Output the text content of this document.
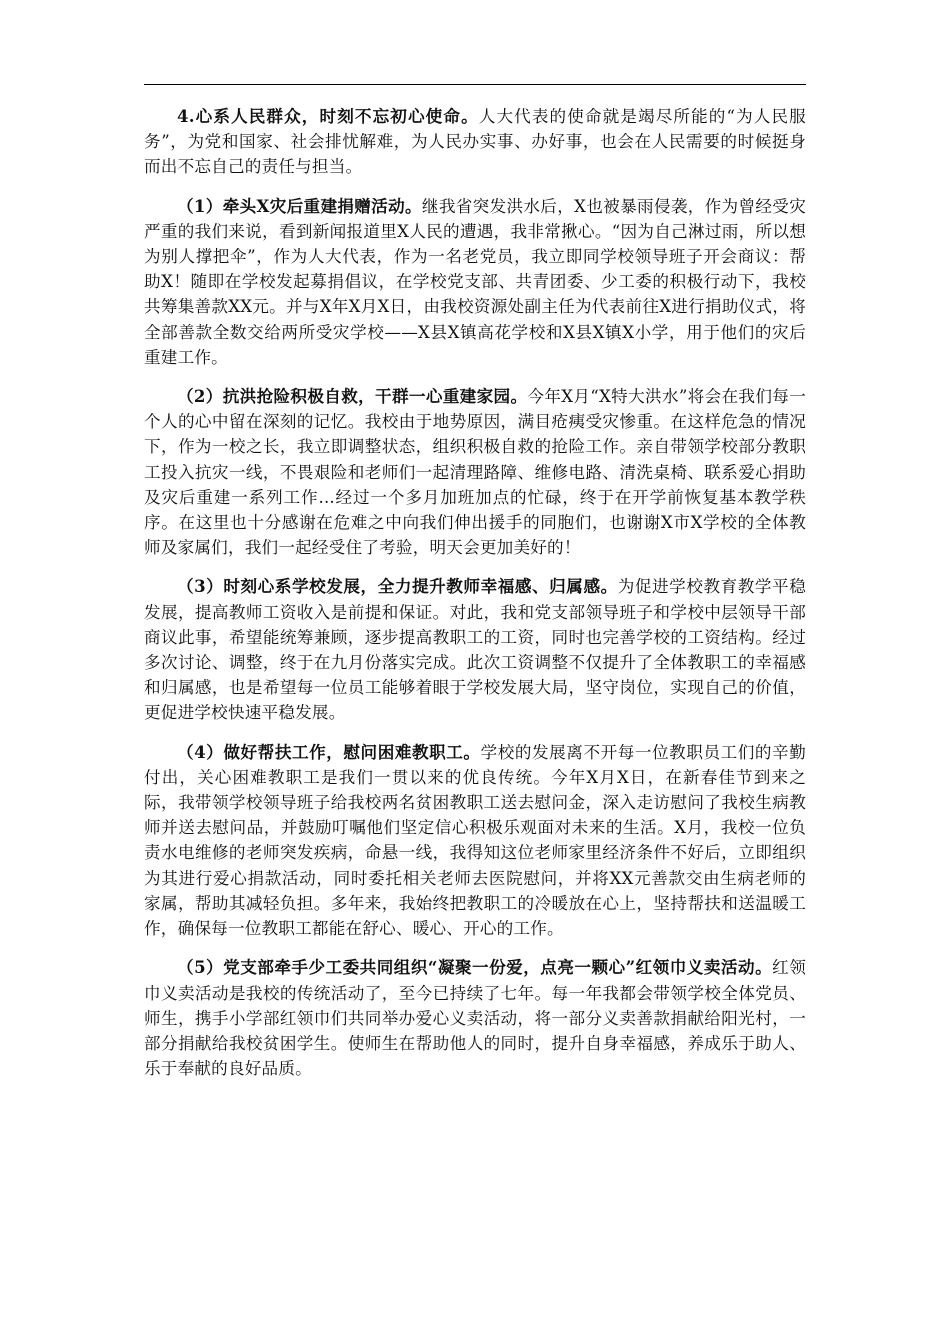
4.心系人民群众，时刻不忘初心使命。人大代表的使命就是竭尽所能的“为人民服务”，为党和国家、社会排忧解难，为人民办实事、办好事，也会在人民需要的时候挺身而出不忘自己的责任与担当。

（1）牵头X灾后重建捐赠活动。继我省突发洪水后，X也被暴雨侵袭，作为曾经受灾严重的我们来说，看到新闻报道里X人民的遭遇，我非常揪心。“因为自己淋过雨，所以想为别人撑把伞”，作为人大代表，作为一名老党员，我立即同学校领导班子开会商议：帮助X！随即在学校发起募捐倡议，在学校党支部、共青团委、少工委的积极行动下，我校共筹集善款XX元。并与X年X月X日，由我校资源处副主任为代表前往X进行捐助仪式，将全部善款全数交给两所受灾学校——X县X镇高花学校和X县X镇X小学，用于他们的灾后重建工作。

（2）抗洪抢险积极自救，干群一心重建家园。今年X月“X特大洪水”将会在我们每一个人的心中留在深刻的记忆。我校由于地势原因，满目疮痍受灾惨重。在这样危急的情况下，作为一校之长，我立即调整状态，组织积极自救的抢险工作。亲自带领学校部分教职工投入抗灾一线，不畏艰险和老师们一起清理路障、维修电路、清洗桌椅、联系爱心捐助及灾后重建一系列工作...经过一个多月加班加点的忙碌，终于在开学前恢复基本教学秩序。在这里也十分感谢在危难之中向我们伸出援手的同胞们，也谢谢X市X学校的全体教师及家属们，我们一起经受住了考验，明天会更加美好的！

（3）时刻心系学校发展，全力提升教师幸福感、归属感。为促进学校教育教学平稳发展，提高教师工资收入是前提和保证。对此，我和党支部领导班子和学校中层领导干部商议此事，希望能统筹兼顾，逐步提高教职工的工资，同时也完善学校的工资结构。经过多次讨论、调整，终于在九月份落实完成。此次工资调整不仅提升了全体教职工的幸福感和归属感，也是希望每一位员工能够着眼于学校发展大局，坚守岗位，实现自己的价值，更促进学校快速平稳发展。

（4）做好帮扶工作，慰问困难教职工。学校的发展离不开每一位教职员工们的辛勤付出，关心困难教职工是我们一贯以来的优良传统。今年X月X日，在新春佳节到来之际，我带领学校领导班子给我校两名贫困教职工送去慰问金，深入走访慰问了我校生病教师并送去慰问品，并鼓励叮嘱他们坚定信心积极乐观面对未来的生活。X月，我校一位负责水电维修的老师突发疾病，命悬一线，我得知这位老师家里经济条件不好后，立即组织为其进行爱心捐款活动，同时委托相关老师去医院慰问，并将XX元善款交由生病老师的家属，帮助其减轻负担。多年来，我始终把教职工的冷暖放在心上，坚持帮扶和送温暖工作，确保每一位教职工都能在舒心、暖心、开心的工作。

（5）党支部牵手少工委共同组织“凝聚一份爱，点亮一颗心”红领巾义卖活动。红领巾义卖活动是我校的传统活动了，至今已持续了七年。每一年我都会带领学校全体党员、师生，携手小学部红领巾们共同举办爱心义卖活动，将一部分义卖善款捐献给阳光村，一部分捐献给我校贫困学生。使师生在帮助他人的同时，提升自身幸福感，养成乐于助人、乐于奉献的良好品质。
